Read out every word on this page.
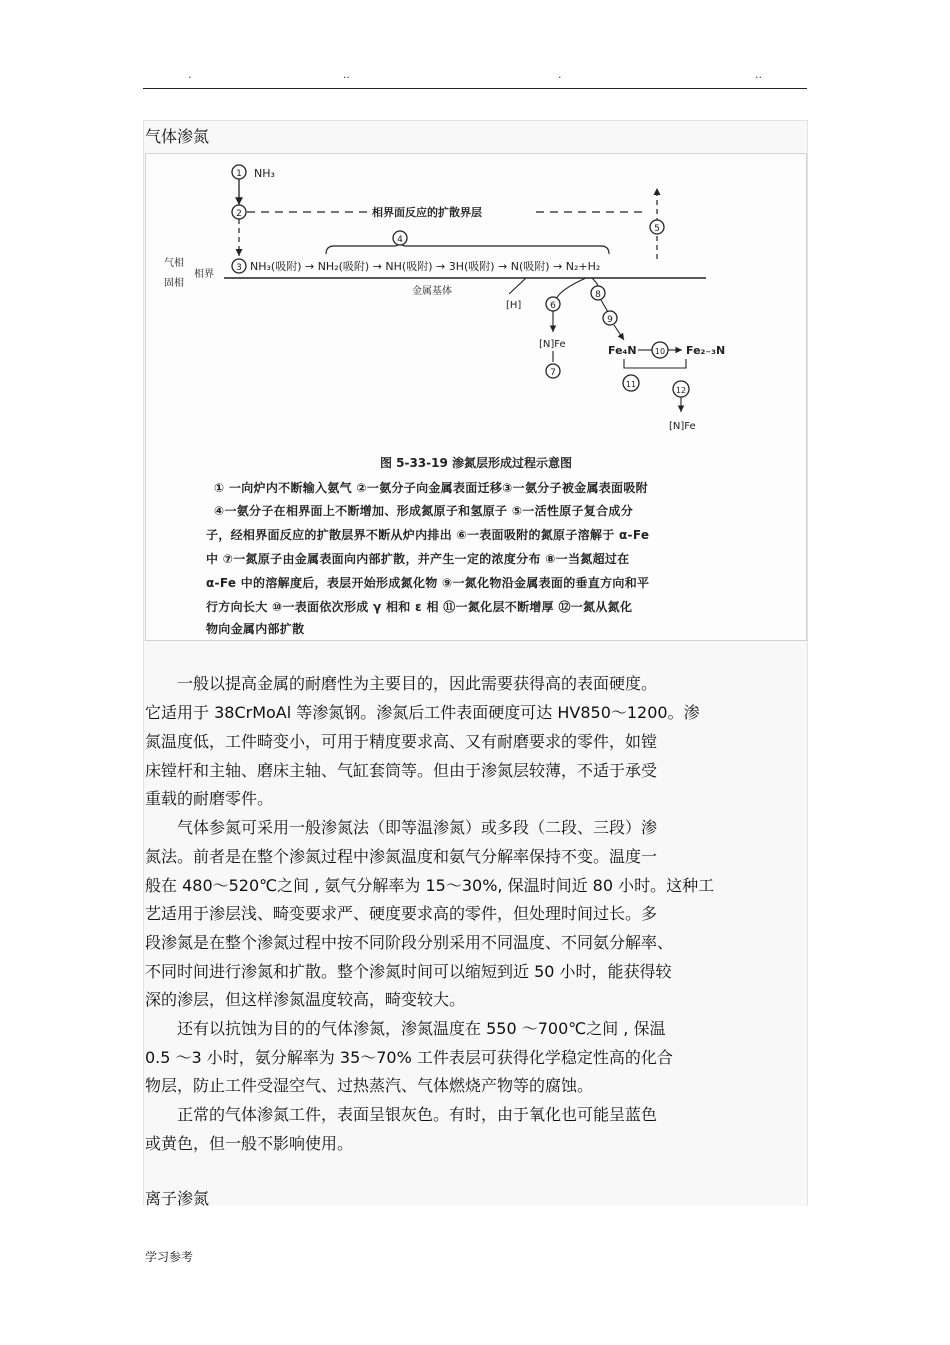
.	..	.	..
气体渗氮
1 NH₃
2	相界面反应的扩散界层
5
4
气相
固相
相界
3 NH₃(吸附) → NH₂(吸附) → NH(吸附) → 3H(吸附) → N(吸附) → N₂+H₂
金属基体
[H]	6
[N]Fe
7
8
9
Fe₄N 10 Fe₂₋₃N
11
12
[N]Fe
图 5-33-19 渗氮层形成过程示意图
① 一向炉内不断输入氨气 ②一氨分子向金属表面迁移③一氨分子被金属表面吸附
④一氨分子在相界面上不断增加、形成氮原子和氢原子 ⑤一活性原子复合成分
子，经相界面反应的扩散层界不断从炉内排出 ⑥一表面吸附的氮原子溶解于 α-Fe
中 ⑦一氮原子由金属表面向内部扩散，并产生一定的浓度分布 ⑧一当氮超过在
α-Fe 中的溶解度后，表层开始形成氮化物 ⑨一氮化物沿金属表面的垂直方向和平
行方向长大 ⑩一表面依次形成 γ 相和 ε 相 ⑪一氮化层不断增厚 ⑫一氮从氮化
物向金属内部扩散
　　一般以提高金属的耐磨性为主要目的，因此需要获得高的表面硬度。
它适用于 38CrMoAl 等渗氮钢。渗氮后工件表面硬度可达 HV850～1200。渗
氮温度低，工件畸变小，可用于精度要求高、又有耐磨要求的零件，如镗
床镗杆和主轴、磨床主轴、气缸套筒等。但由于渗氮层较薄，不适于承受
重载的耐磨零件。
　　气体参氮可采用一般渗氮法（即等温渗氮）或多段（二段、三段）渗
氮法。前者是在整个渗氮过程中渗氮温度和氨气分解率保持不变。温度一
般在 480～520℃之间 , 氨气分解率为 15～30%, 保温时间近 80 小时。这种工
艺适用于渗层浅、畸变要求严、硬度要求高的零件，但处理时间过长。多
段渗氮是在整个渗氮过程中按不同阶段分别采用不同温度、不同氨分解率、
不同时间进行渗氮和扩散。整个渗氮时间可以缩短到近 50 小时，能获得较
深的渗层，但这样渗氮温度较高，畸变较大。
　　还有以抗蚀为目的的气体渗氮，渗氮温度在 550 ～700℃之间 , 保温
0.5 ～3 小时，氨分解率为 35～70% 工件表层可获得化学稳定性高的化合
物层，防止工件受湿空气、过热蒸汽、气体燃烧产物等的腐蚀。
　　正常的气体渗氮工件，表面呈银灰色。有时，由于氧化也可能呈蓝色
或黄色，但一般不影响使用。
离子渗氮
学习参考
